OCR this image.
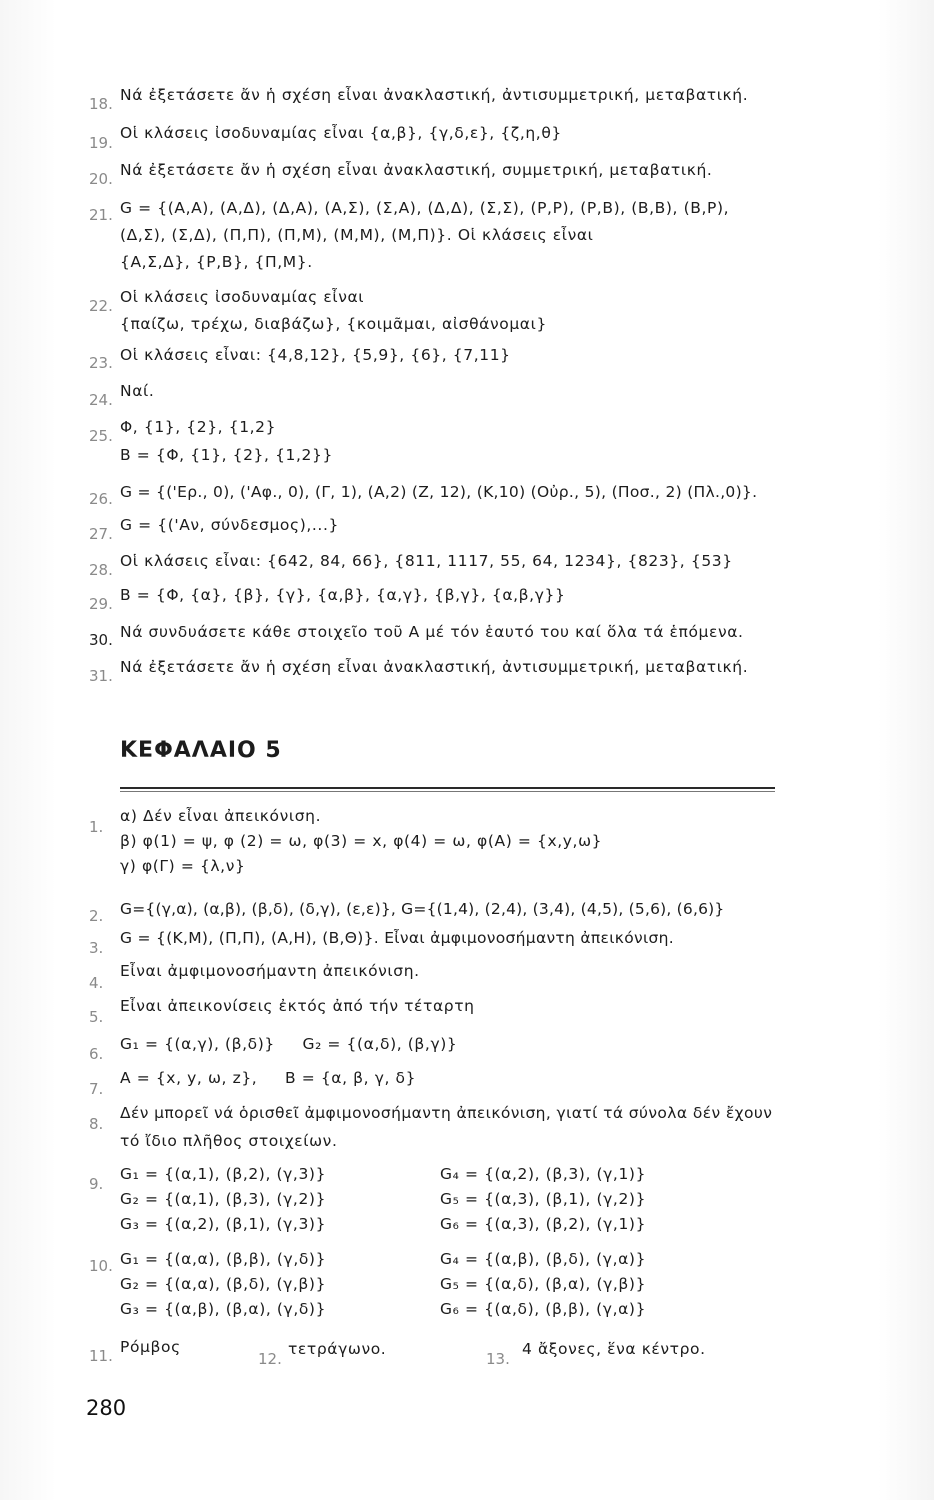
18. Νά ἐξετάσετε ἄν ἡ σχέση εἶναι ἀνακλαστική, ἀντισυμμετρική, μεταβατική.
19.
Οἱ κλάσεις ἰσοδυναμίας εἶναι {α,β}, {γ,δ,ε}, {ζ,η,θ}
20. Νά ἐξετάσετε ἄν ἡ σχέση εἶναι ἀνακλαστική, συμμετρική, μεταβατική.
21. G = {(A,A), (A,Δ), (Δ,A), (A,Σ), (Σ,A), (Δ,Δ), (Σ,Σ), (P,P), (P,B), (B,B), (B,P),
(Δ,Σ), (Σ,Δ), (Π,Π), (Π,M), (M,M), (M,Π)}. Οἱ κλάσεις εἶναι
{A,Σ,Δ}, {P,B}, {Π,M}.
22. Οἱ κλάσεις ἰσοδυναμίας εἶναι
{παίζω, τρέχω, διαβάζω}, {κοιμᾶμαι, αἰσθάνομαι}
23. Οἱ κλάσεις εἶναι: {4,8,12}, {5,9}, {6}, {7,11}
24. Ναί.
25. Φ, {1}, {2}, {1,2}
B = {Φ, {1}, {2}, {1,2}}
26. G = {('Ερ., 0), ('Αφ., 0), (Γ, 1), (A,2) (Z, 12), (K,10) (Οὐρ., 5), (Ποσ., 2) (Πλ.,0)}.
27. G = {('Αν, σύνδεσμος),...}
28. Οἱ κλάσεις εἶναι: {642, 84, 66}, {811, 1117, 55, 64, 1234}, {823}, {53}
29. B = {Φ, {α}, {β}, {γ}, {α,β}, {α,γ}, {β,γ}, {α,β,γ}}
30. Νά συνδυάσετε κάθε στοιχεῖο τοῦ A μέ τόν ἑαυτό του καί ὅλα τά ἑπόμενα.
31. Νά ἐξετάσετε ἄν ἡ σχέση εἶναι ἀνακλαστική, ἀντισυμμετρική, μεταβατική.
ΚΕΦΑΛΑΙΟ 5
1.
α) Δέν εἶναι ἀπεικόνιση.
β) φ(1) = ψ, φ (2) = ω, φ(3) = x, φ(4) = ω, φ(A) = {x,y,ω}
γ) φ(Γ) = {λ,ν}
2. G={(γ,α), (α,β), (β,δ), (δ,γ), (ε,ε)}, G={(1,4), (2,4), (3,4), (4,5), (5,6), (6,6)}
3.
G = {(K,M), (Π,Π), (A,H), (B,Θ)}. Εἶναι ἀμφιμονοσήμαντη ἀπεικόνιση.
4.
Εἶναι ἀμφιμονοσήμαντη ἀπεικόνιση.
5.
Εἶναι ἀπεικονίσεις ἐκτός ἀπό τήν τέταρτη
6.
G₁ = {(α,γ), (β,δ)}     G₂ = {(α,δ), (β,γ)}
7.
A = {x, y, ω, z},     B = {α, β, γ, δ}
8.
Δέν μπορεῖ νά ὁρισθεῖ ἀμφιμονοσήμαντη ἀπεικόνιση, γιατί τά σύνολα δέν ἔχουν
τό ἴδιο πλῆθος στοιχείων.
9.
G₁ = {(α,1), (β,2), (γ,3)}
G₂ = {(α,1), (β,3), (γ,2)}
G₃ = {(α,2), (β,1), (γ,3)}
G₄ = {(α,2), (β,3), (γ,1)}
G₅ = {(α,3), (β,1), (γ,2)}
G₆ = {(α,3), (β,2), (γ,1)}
10. G₁ = {(α,α), (β,β), (γ,δ)}
G₂ = {(α,α), (β,δ), (γ,β)}
G₃ = {(α,β), (β,α), (γ,δ)}
G₄ = {(α,β), (β,δ), (γ,α)}
G₅ = {(α,δ), (β,α), (γ,β)}
G₆ = {(α,δ), (β,β), (γ,α)}
11. Ρόμβος
12.
τετράγωνο.
13.
4 ἄξονες, ἕνα κέντρο.
280
